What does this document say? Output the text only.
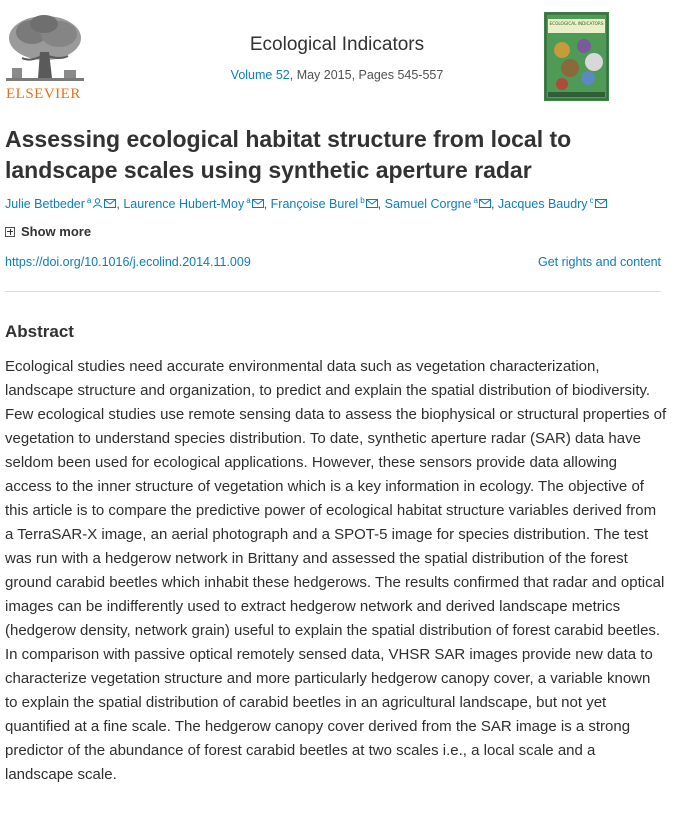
ELSEVIER
Ecological Indicators
Volume 52, May 2015, Pages 545-557
ECOLOGICAL INDICATORS
Assessing ecological habitat structure from local to landscape scales using synthetic aperture radar
Julie Betbeder $^a$ , Laurence Hubert-Moy $^a$ , Françoise Burel $^b$ , Samuel Corgne $^a$ , Jacques Baudry $^c$
Show more
https://doi.org/10.1016/j.ecolind.2014.11.009	Get rights and content
Abstract

Ecological studies need accurate environmental data such as vegetation characterization, landscape structure and organization, to predict and explain the spatial distribution of biodiversity. Few ecological studies use remote sensing data to assess the biophysical or structural properties of vegetation to understand species distribution. To date, synthetic aperture radar (SAR) data have seldom been used for ecological applications. However, these sensors provide data allowing access to the inner structure of vegetation which is a key information in ecology. The objective of this article is to compare the predictive power of ecological habitat structure variables derived from a TerraSAR-X image, an aerial photograph and a SPOT-5 image for species distribution. The test was run with a hedgerow network in Brittany and assessed the spatial distribution of the forest ground carabid beetles which inhabit these hedgerows. The results confirmed that radar and optical images can be indifferently used to extract hedgerow network and derived landscape metrics (hedgerow density, network grain) useful to explain the spatial distribution of forest carabid beetles. In comparison with passive optical remotely sensed data, VHSR SAR images provide new data to characterize vegetation structure and more particularly hedgerow canopy cover, a variable known to explain the spatial distribution of carabid beetles in an agricultural landscape, but not yet quantified at a fine scale. The hedgerow canopy cover derived from the SAR image is a strong predictor of the abundance of forest carabid beetles at two scales i.e., a local scale and a landscape scale.
